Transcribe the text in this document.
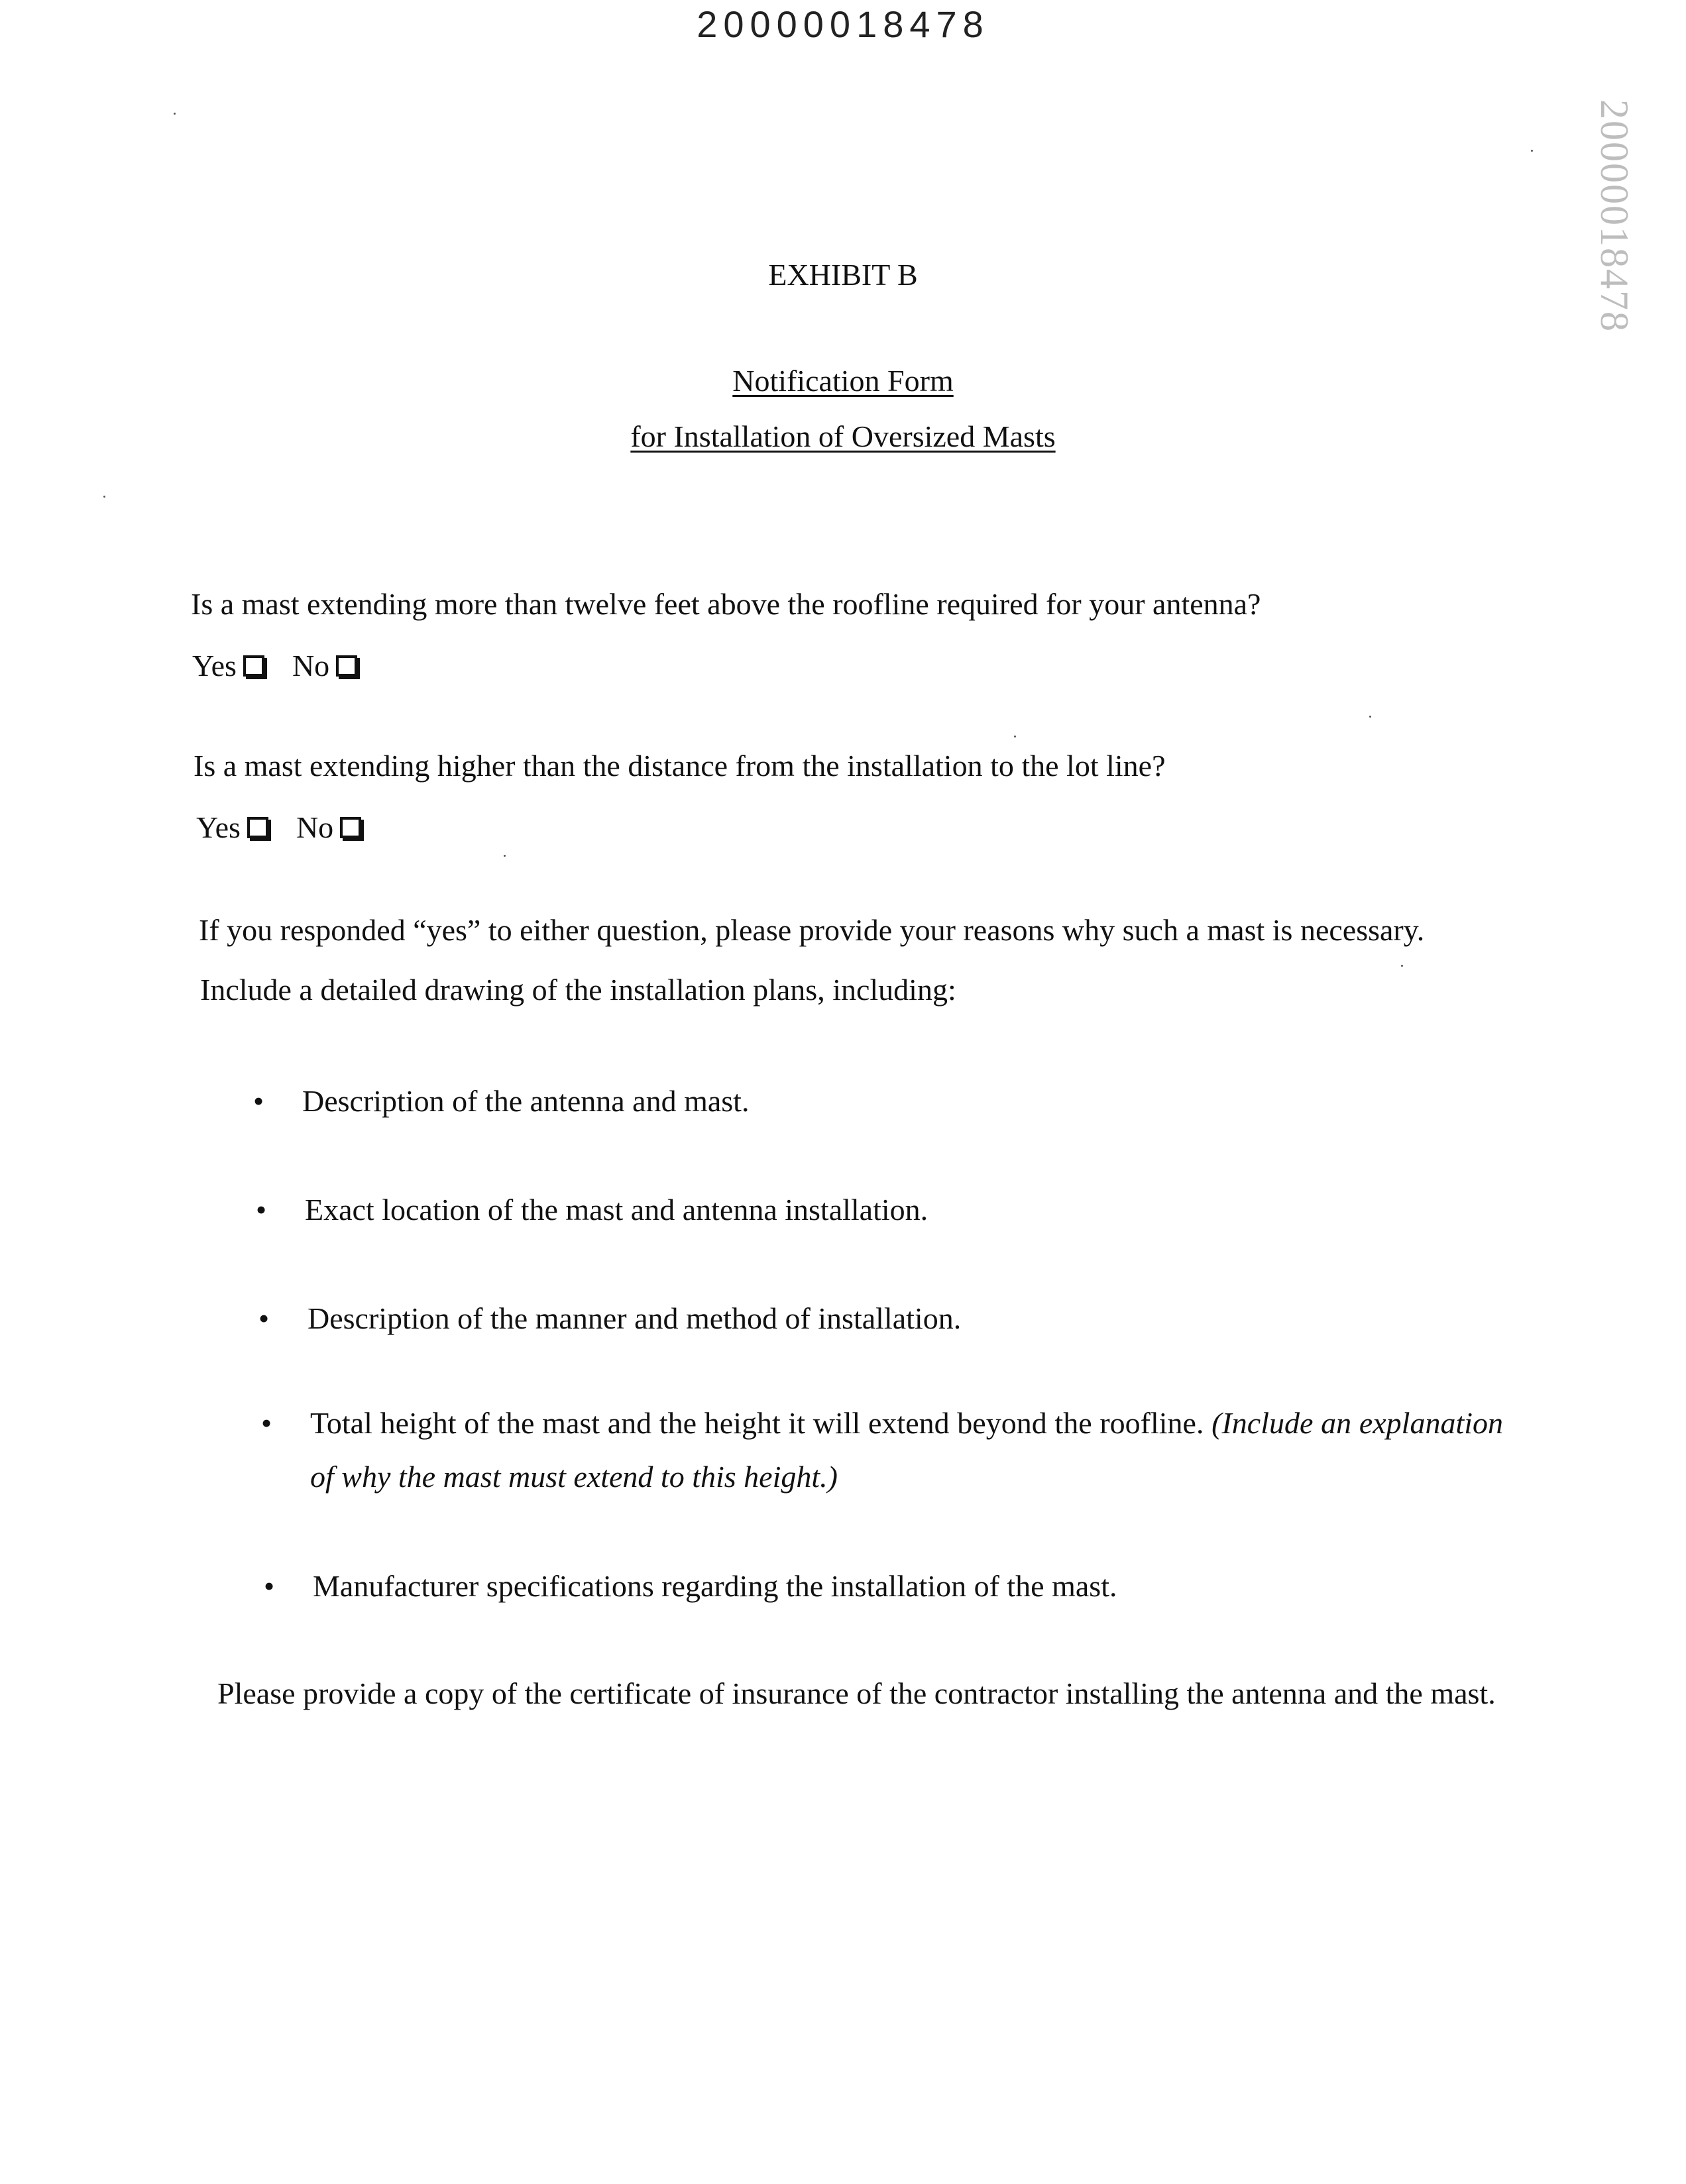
20000018478
20000018478
EXHIBIT B
Notification Form
for Installation of Oversized Masts
Is a mast extending more than twelve feet above the roofline required for your antenna?
Yes No
Is a mast extending higher than the distance from the installation to the lot line?
Yes No
If you responded “yes” to either question, please provide your reasons why such a mast is necessary.
Include a detailed drawing of the installation plans, including:
• Description of the antenna and mast.
• Exact location of the mast and antenna installation.
• Description of the manner and method of installation.
• Total height of the mast and the height it will extend beyond the roofline. (Include an explanation of why the mast must extend to this height.)
• Manufacturer specifications regarding the installation of the mast.
Please provide a copy of the certificate of insurance of the contractor installing the antenna and the mast.
